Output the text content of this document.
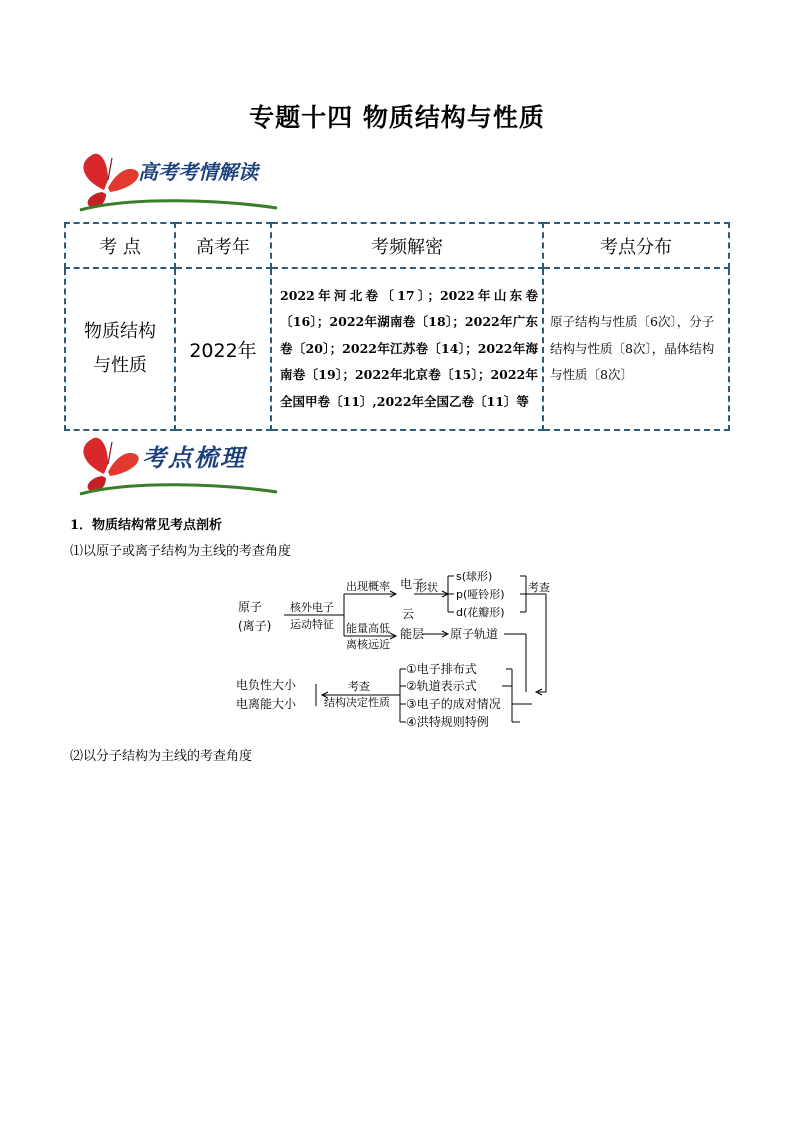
专题十四 物质结构与性质
高考考情解读
考 点	高考年	考频解密	考点分布

物质结构
与性质	2022年	2022年河北卷〔17〕；2022年山东卷〔16〕；2022年湖南卷〔18〕；2022年广东卷〔20〕；2022年江苏卷〔14〕；2022年海南卷〔19〕；2022年北京卷〔15〕；2022年全国甲卷〔11〕,2022年全国乙卷〔11〕等	原子结构与性质〔6次〕，分子结构与性质〔8次〕，晶体结构与性质〔8次〕
考点梳理
1．物质结构常见考点剖析
⑴以原子或离子结构为主线的考查角度
原子
(离子)
核外电子
运动特征
出现概率
能量高低
离核远近
电子
云
形状
s(球形)
p(哑铃形)
d(花瓣形)
考查
能层 原子轨道
①电子排布式
②轨道表示式
③电子的成对情况
④洪特规则特例
考查
结构决定性质
电负性大小
电离能大小
⑵以分子结构为主线的考查角度
